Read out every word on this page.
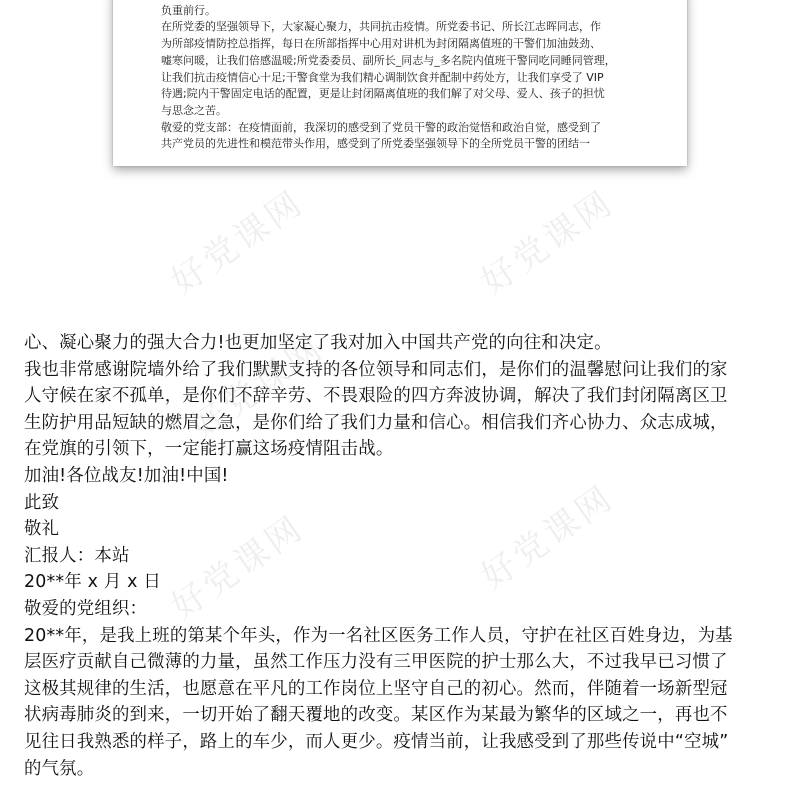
负重前行。

在所党委的坚强领导下，大家凝心聚力，共同抗击疫情。所党委书记、所长江志晖同志，作

为所部疫情防控总指挥，每日在所部指挥中心用对讲机为封闭隔离值班的干警们加油鼓劲、

嘘寒问暖，让我们倍感温暖;所党委委员、副所长_同志与_多名院内值班干警同吃同睡同管理，

让我们抗击疫情信心十足;干警食堂为我们精心调制饮食并配制中药处方，让我们享受了 VIP

待遇;院内干警固定电话的配置，更是让封闭隔离值班的我们解了对父母、爱人、孩子的担忧

与思念之苦。

敬爱的党支部：在疫情面前，我深切的感受到了党员干警的政治觉悟和政治自觉，感受到了

共产党员的先进性和模范带头作用，感受到了所党委坚强领导下的全所党员干警的团结一

心、凝心聚力的强大合力!也更加坚定了我对加入中国共产党的向往和决定。

我也非常感谢院墙外给了我们默默支持的各位领导和同志们，是你们的温馨慰问让我们的家

人守候在家不孤单，是你们不辞辛劳、不畏艰险的四方奔波协调，解决了我们封闭隔离区卫

生防护用品短缺的燃眉之急，是你们给了我们力量和信心。相信我们齐心协力、众志成城，

在党旗的引领下，一定能打赢这场疫情阻击战。

加油!各位战友!加油!中国!

此致

敬礼

汇报人：本站

20**年 x 月 x 日

敬爱的党组织：

20**年，是我上班的第某个年头，作为一名社区医务工作人员，守护在社区百姓身边，为基

层医疗贡献自己微薄的力量，虽然工作压力没有三甲医院的护士那么大，不过我早已习惯了

这极其规律的生活，也愿意在平凡的工作岗位上坚守自己的初心。然而，伴随着一场新型冠

状病毒肺炎的到来，一切开始了翻天覆地的改变。某区作为某最为繁华的区域之一，再也不

见往日我熟悉的样子，路上的车少，而人更少。疫情当前，让我感受到了那些传说中“空城”

的气氛。

好党课网
好党课网
好党课网
